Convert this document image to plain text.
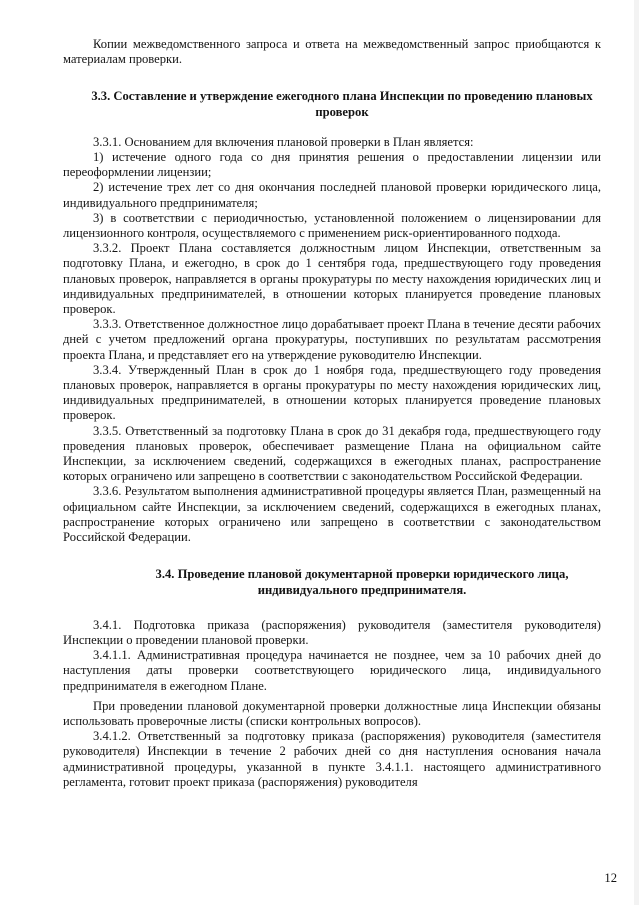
Копии межведомственного запроса и ответа на межведомственный запрос приобщаются к материалам проверки.

3.3. Составление и утверждение ежегодного плана Инспекции по проведению плановых проверок

3.3.1. Основанием для включения плановой проверки в План является:

1) истечение одного года со дня принятия решения о предоставлении лицензии или переоформлении лицензии;

2) истечение трех лет со дня окончания последней плановой проверки юридического лица, индивидуального предпринимателя;

3) в соответствии с периодичностью, установленной положением о лицензировании для лицензионного контроля, осуществляемого с применением риск-ориентированного подхода.

3.3.2. Проект Плана составляется должностным лицом Инспекции, ответственным за подготовку Плана, и ежегодно, в срок до 1 сентября года, предшествующего году проведения плановых проверок, направляется в органы прокуратуры по месту нахождения юридических лиц и индивидуальных предпринимателей, в отношении которых планируется проведение плановых проверок.

3.3.3. Ответственное должностное лицо дорабатывает проект Плана в течение десяти рабочих дней с учетом предложений органа прокуратуры, поступивших по результатам рассмотрения проекта Плана, и представляет его на утверждение руководителю Инспекции.

3.3.4. Утвержденный План в срок до 1 ноября года, предшествующего году проведения плановых проверок, направляется в органы прокуратуры по месту нахождения юридических лиц, индивидуальных предпринимателей, в отношении которых планируется проведение плановых проверок.

3.3.5. Ответственный за подготовку Плана в срок до 31 декабря года, предшествующего году проведения плановых проверок, обеспечивает размещение Плана на официальном сайте Инспекции, за исключением сведений, содержащихся в ежегодных планах, распространение которых ограничено или запрещено в соответствии с законодательством Российской Федерации.

3.3.6. Результатом выполнения административной процедуры является План, размещенный на официальном сайте Инспекции, за исключением сведений, содержащихся в ежегодных планах, распространение которых ограничено или запрещено в соответствии с законодательством Российской Федерации.

3.4. Проведение плановой документарной проверки юридического лица, индивидуального предпринимателя.

3.4.1. Подготовка приказа (распоряжения) руководителя (заместителя руководителя) Инспекции о проведении плановой проверки.

3.4.1.1. Административная процедура начинается не позднее, чем за 10 рабочих дней до наступления даты проверки соответствующего юридического лица, индивидуального предпринимателя в ежегодном Плане.

При проведении плановой документарной проверки должностные лица Инспекции обязаны использовать проверочные листы (списки контрольных вопросов).

3.4.1.2. Ответственный за подготовку приказа (распоряжения) руководителя (заместителя руководителя) Инспекции в течение 2 рабочих дней со дня наступления основания начала административной процедуры, указанной в пункте 3.4.1.1. настоящего административного регламента, готовит проект приказа (распоряжения) руководителя

12
